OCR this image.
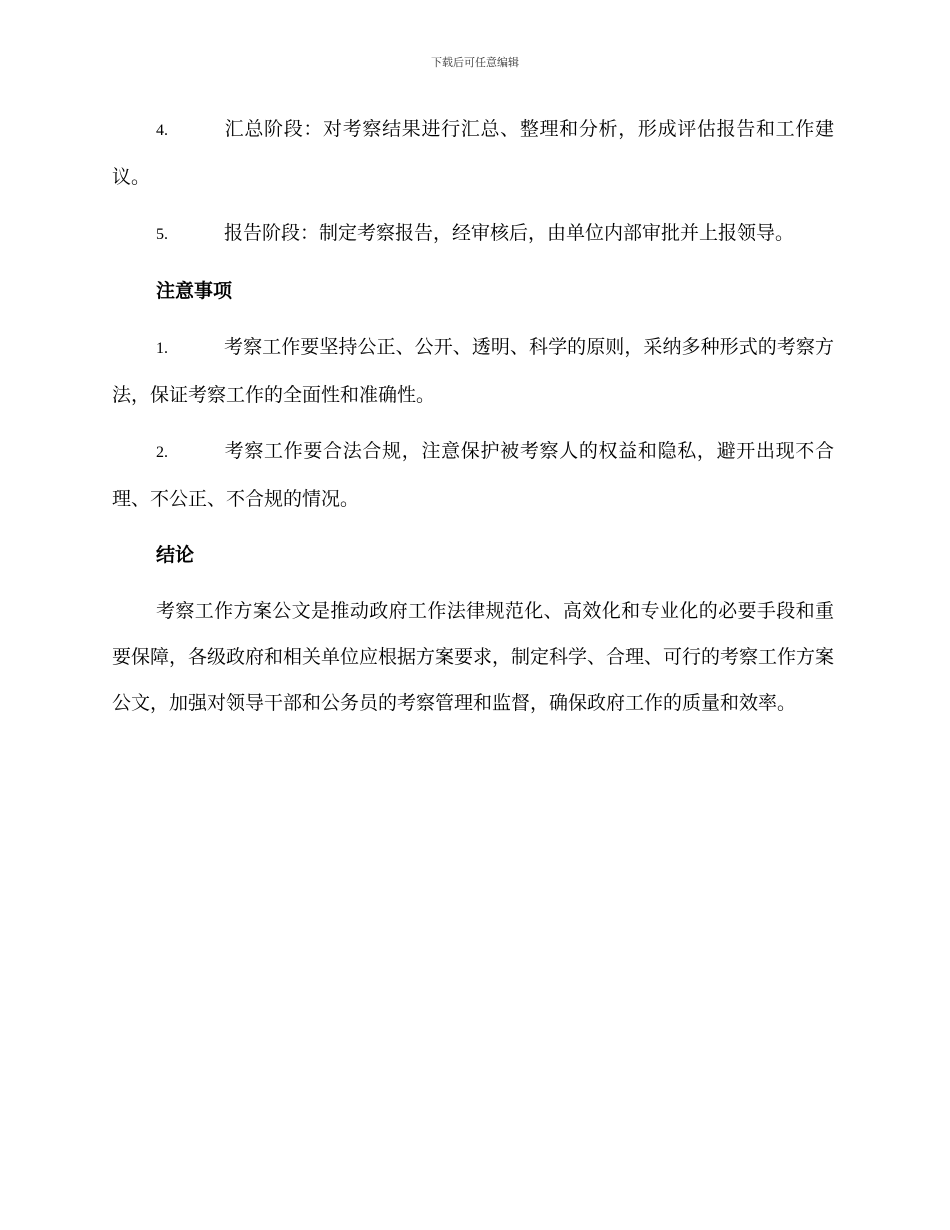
下载后可任意编辑

4.	汇总阶段：对考察结果进行汇总、整理和分析，形成评估报告和工作建议。

5.	报告阶段：制定考察报告，经审核后，由单位内部审批并上报领导。

注意事项

1.	考察工作要坚持公正、公开、透明、科学的原则，采纳多种形式的考察方法，保证考察工作的全面性和准确性。

2.	考察工作要合法合规，注意保护被考察人的权益和隐私，避开出现不合理、不公正、不合规的情况。

结论

考察工作方案公文是推动政府工作法律规范化、高效化和专业化的必要手段和重要保障，各级政府和相关单位应根据方案要求，制定科学、合理、可行的考察工作方案公文，加强对领导干部和公务员的考察管理和监督，确保政府工作的质量和效率。
